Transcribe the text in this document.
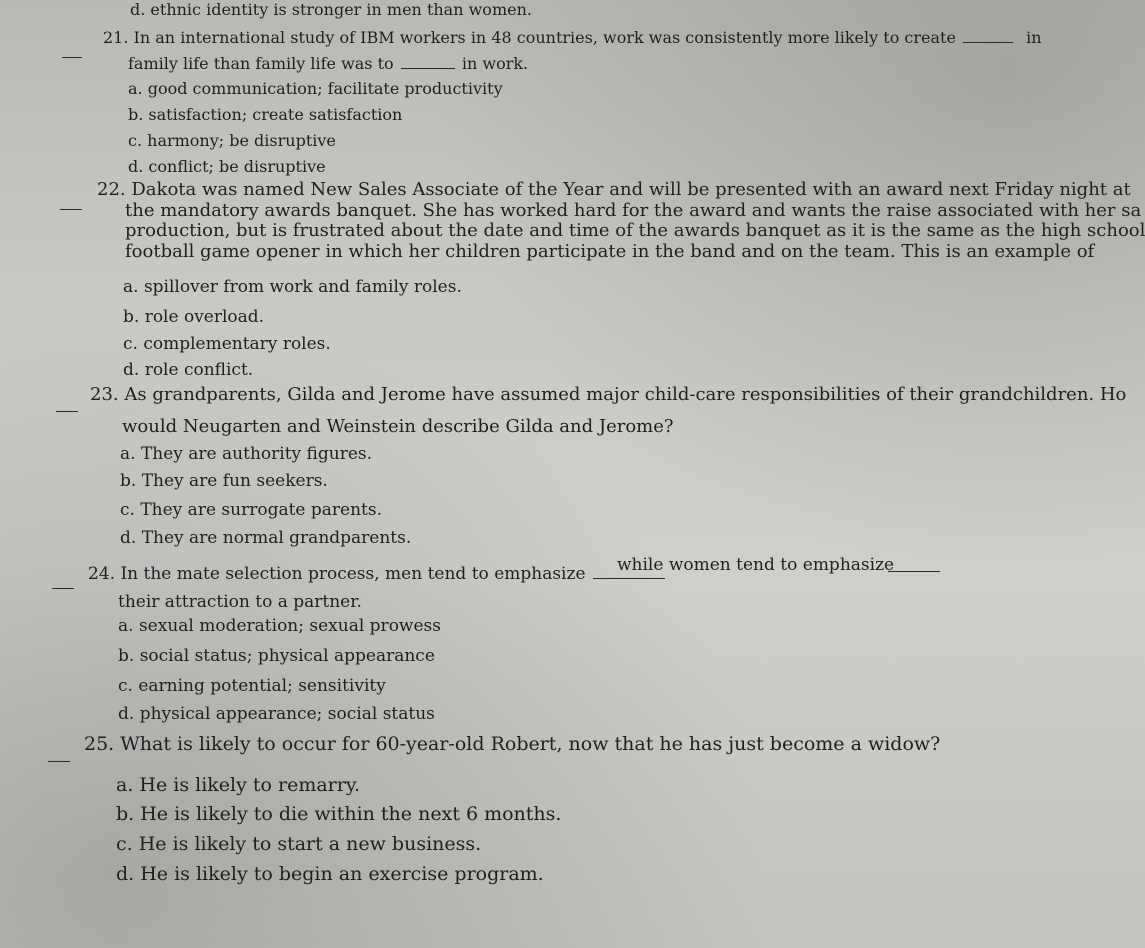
d. ethnic identity is stronger in men than women.
21. In an international study of IBM workers in 48 countries, work was consistently more likely to create	in
family life than family life was to	in work.
a. good communication; facilitate productivity
b. satisfaction; create satisfaction
c. harmony; be disruptive
d. conflict; be disruptive
22. Dakota was named New Sales Associate of the Year and will be presented with an award next Friday night at
the mandatory awards banquet. She has worked hard for the award and wants the raise associated with her sa
production, but is frustrated about the date and time of the awards banquet as it is the same as the high school
football game opener in which her children participate in the band and on the team. This is an example of
a. spillover from work and family roles.
b. role overload.
c. complementary roles.
d. role conflict.
23. As grandparents, Gilda and Jerome have assumed major child-care responsibilities of their grandchildren. Ho
would Neugarten and Weinstein describe Gilda and Jerome?
a. They are authority figures.
b. They are fun seekers.
c. They are surrogate parents.
d. They are normal grandparents.
24. In the mate selection process, men tend to emphasize	while women tend to emphasize
their attraction to a partner.
a. sexual moderation; sexual prowess
b. social status; physical appearance
c. earning potential; sensitivity
d. physical appearance; social status
25. What is likely to occur for 60-year-old Robert, now that he has just become a widow?
a. He is likely to remarry.
b. He is likely to die within the next 6 months.
c. He is likely to start a new business.
d. He is likely to begin an exercise program.
